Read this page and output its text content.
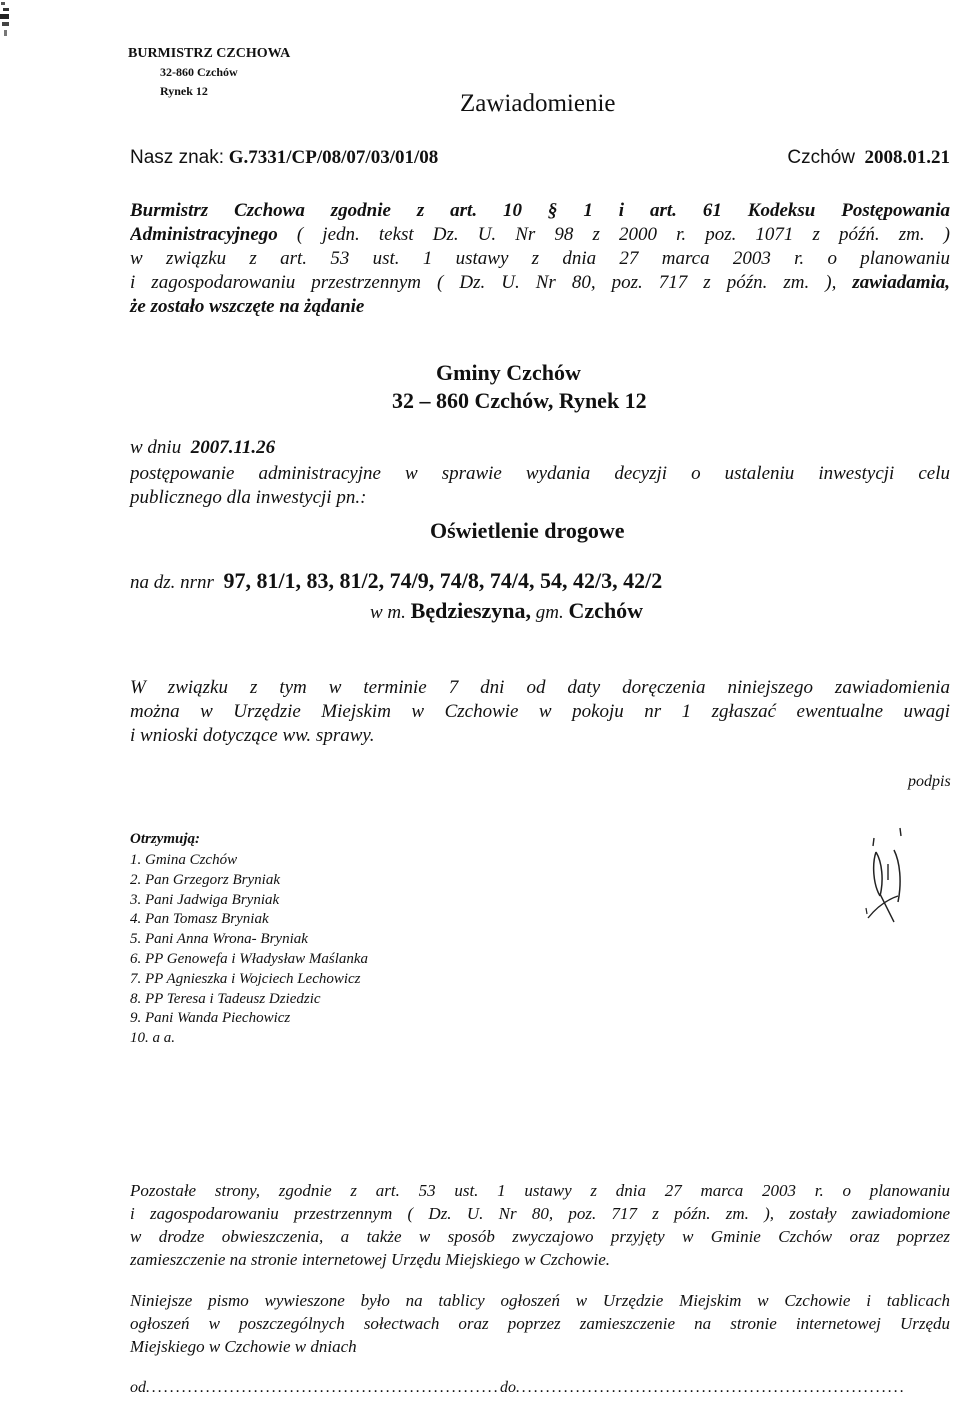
BURMISTRZ CZCHOWA
32-860 Czchów
Rynek 12	Zawiadomienie
Nasz znak: G.7331/CP/08/07/03/01/08	Czchów 2008.01.21
Burmistrz Czchowa zgodnie z art. 10 § 1 i art. 61 Kodeksu Postępowania
Administracyjnego ( jedn. tekst Dz. U. Nr 98 z 2000 r. poz. 1071 z późń. zm. )
w związku z art. 53 ust. 1 ustawy z dnia 27 marca 2003 r. o planowaniu
i zagospodarowaniu przestrzennym ( Dz. U. Nr 80, poz. 717 z późn. zm. ), zawiadamia,
że zostało wszczęte na żądanie
Gminy Czchów
32 – 860 Czchów, Rynek 12
w dniu 2007.11.26
postępowanie administracyjne w sprawie wydania decyzji o ustaleniu inwestycji celu
publicznego dla inwestycji pn.:
Oświetlenie drogowe
na dz. nrnr 97, 81/1, 83, 81/2, 74/9, 74/8, 74/4, 54, 42/3, 42/2
w m. Będzieszyna, gm. Czchów
W związku z tym w terminie 7 dni od daty doręczenia niniejszego zawiadomienia
można w Urzędzie Miejskim w Czchowie w pokoju nr 1 zgłaszać ewentualne uwagi
i wnioski dotyczące ww. sprawy.
podpis
Otrzymują:
1. Gmina Czchów
2. Pan Grzegorz Bryniak
3. Pani Jadwiga Bryniak
4. Pan Tomasz Bryniak
5. Pani Anna Wrona- Bryniak
6. PP Genowefa i Władysław Maślanka
7. PP Agnieszka i Wojciech Lechowicz
8. PP Teresa i Tadeusz Dziedzic
9. Pani Wanda Piechowicz
10. a a.
Pozostałe strony, zgodnie z art. 53 ust. 1 ustawy z dnia 27 marca 2003 r. o planowaniu
i zagospodarowaniu przestrzennym ( Dz. U. Nr 80, poz. 717 z późn. zm. ), zostały zawiadomione
w drodze obwieszczenia, a także w sposób zwyczajowo przyjęty w Gminie Czchów oraz poprzez
zamieszczenie na stronie internetowej Urzędu Miejskiego w Czchowie.
Niniejsze pismo wywieszone było na tablicy ogłoszeń w Urzędzie Miejskim w Czchowie i tablicach
ogłoszeń w poszczególnych sołectwach oraz poprzez zamieszczenie na stronie internetowej Urzędu
Miejskiego w Czchowie w dniach
od...........................................................do.................................................................
